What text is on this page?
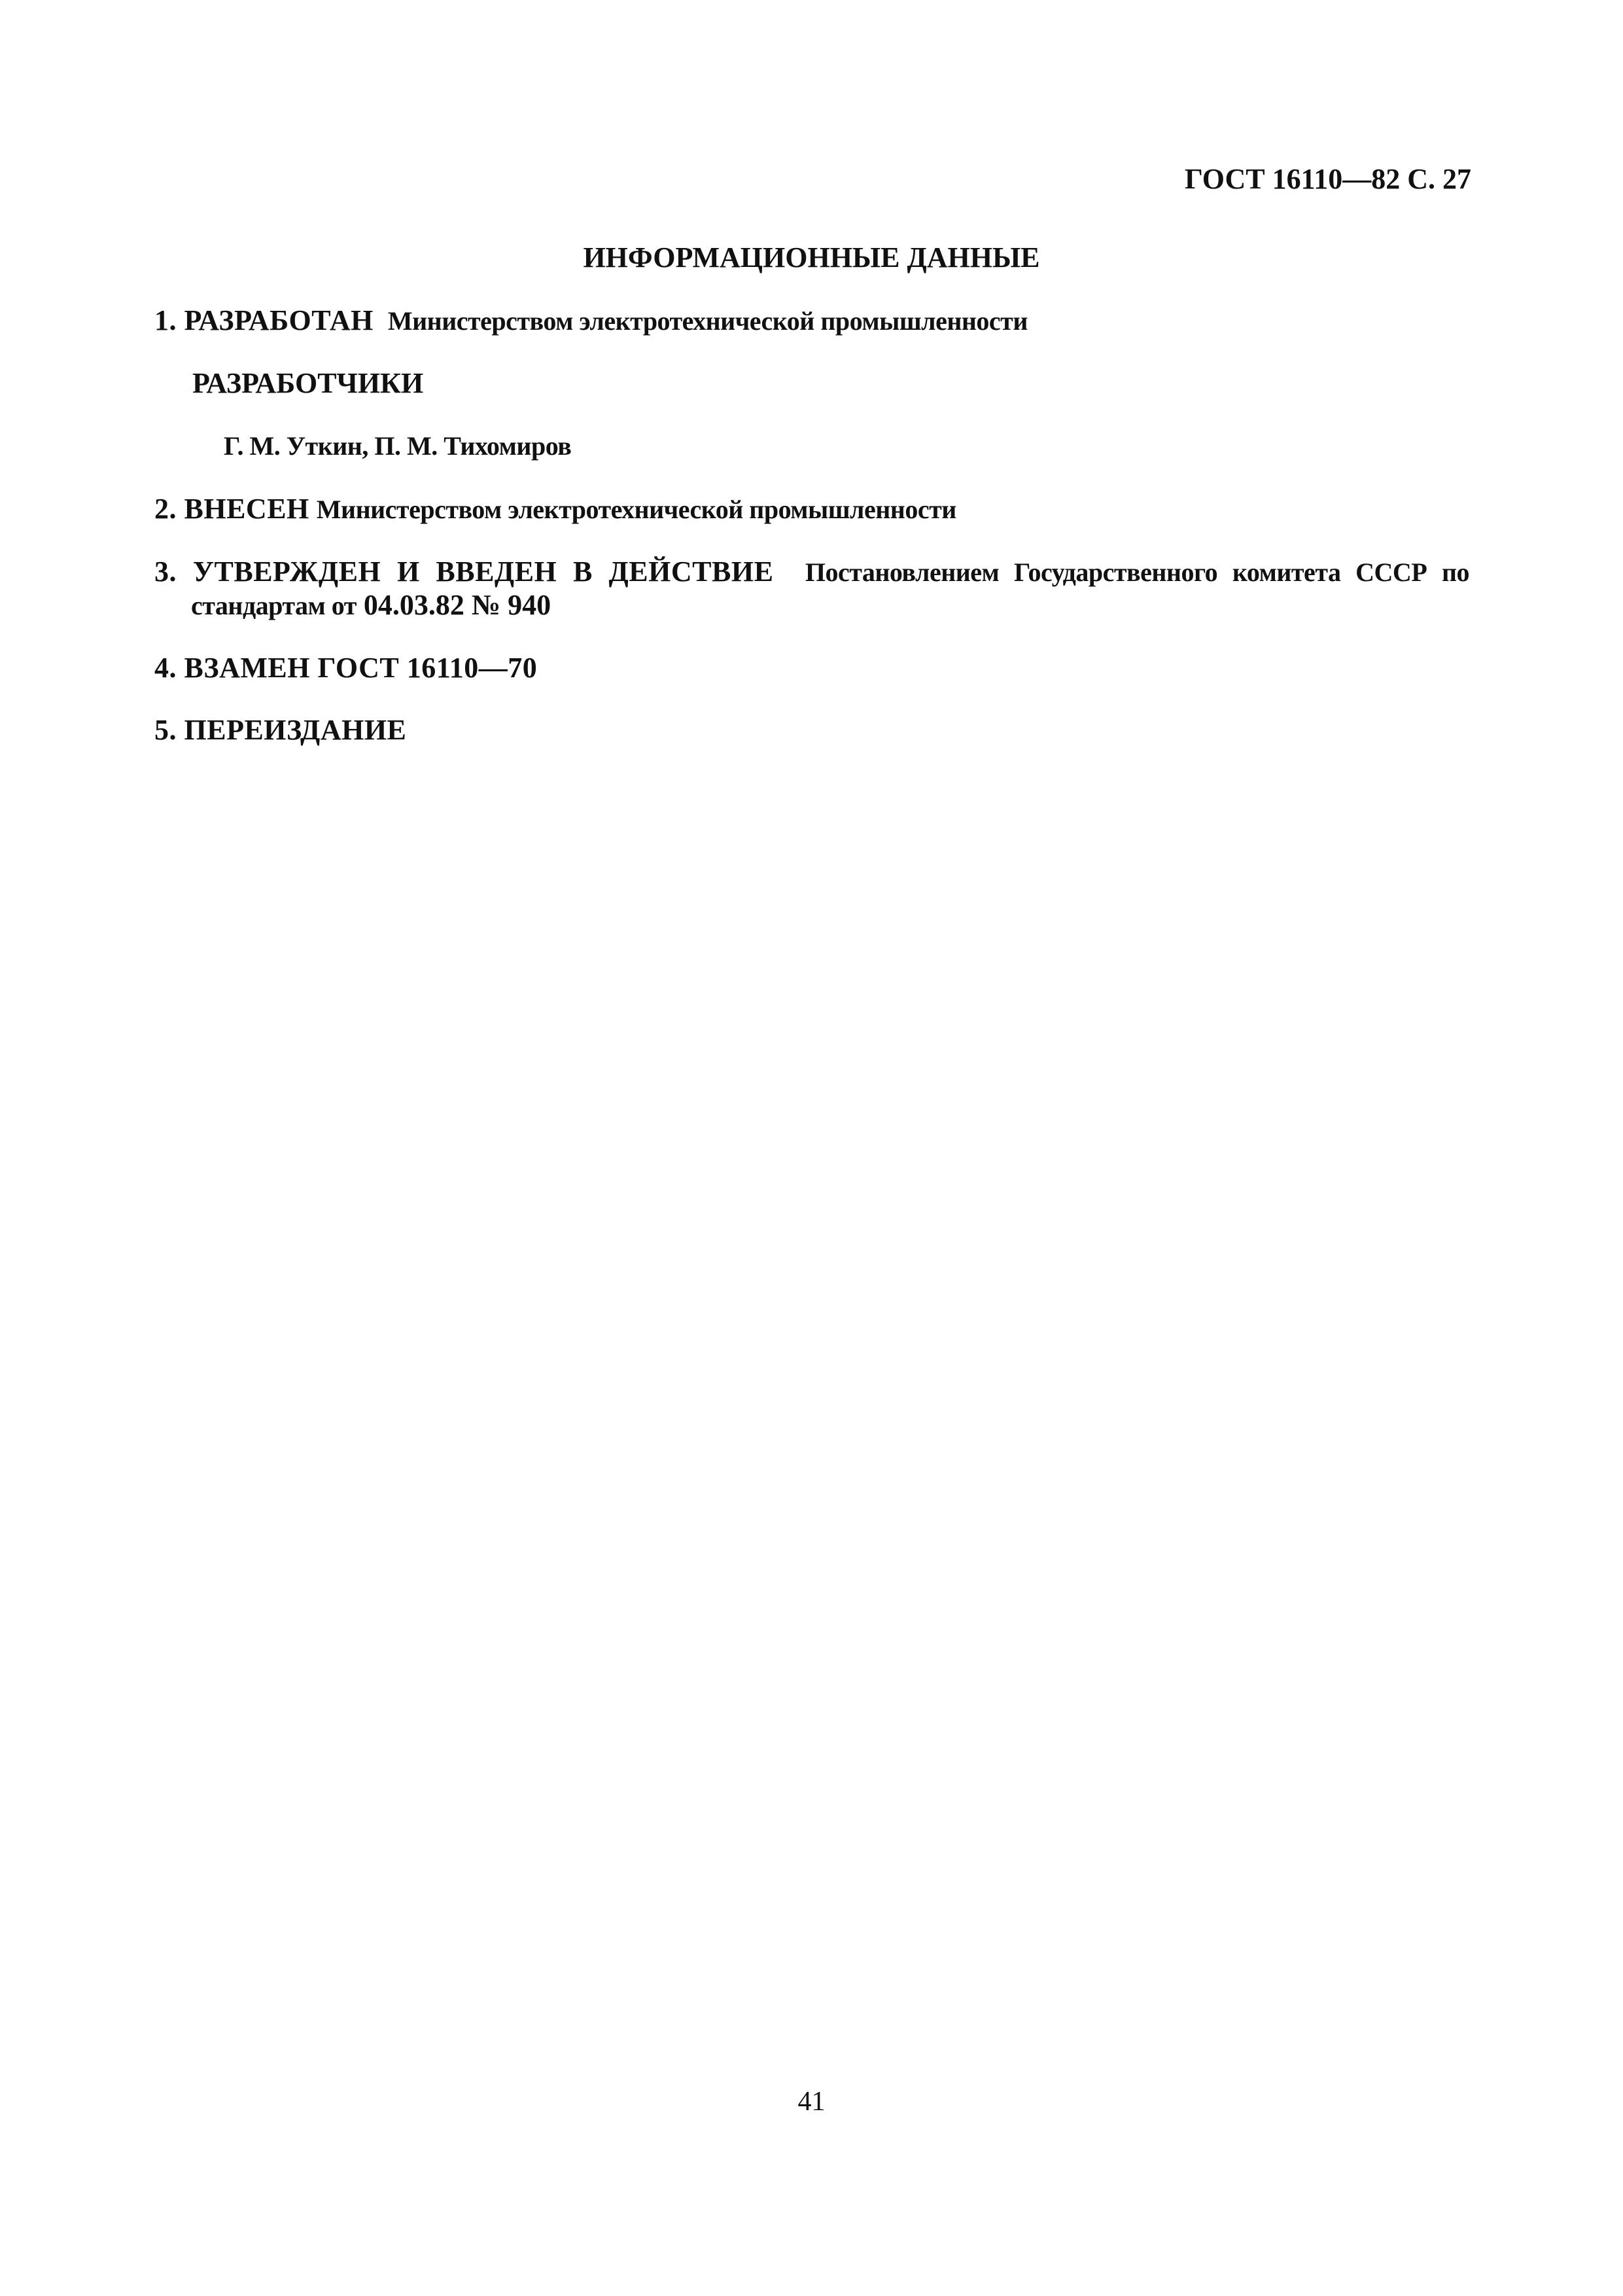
ГОСТ 16110—82 С. 27
ИНФОРМАЦИОННЫЕ ДАННЫЕ
1. РАЗРАБОТАН Министерством электротехнической промышленности
РАЗРАБОТЧИКИ
Г. М. Уткин, П. М. Тихомиров
2. ВНЕСЕН Министерством электротехнической промышленности
3. УТВЕРЖДЕН И ВВЕДЕН В ДЕЙСТВИЕ Постановлением Государственного комитета СССР по
стандартам от 04.03.82 № 940
4. ВЗАМЕН ГОСТ 16110—70
5. ПЕРЕИЗДАНИЕ
41
